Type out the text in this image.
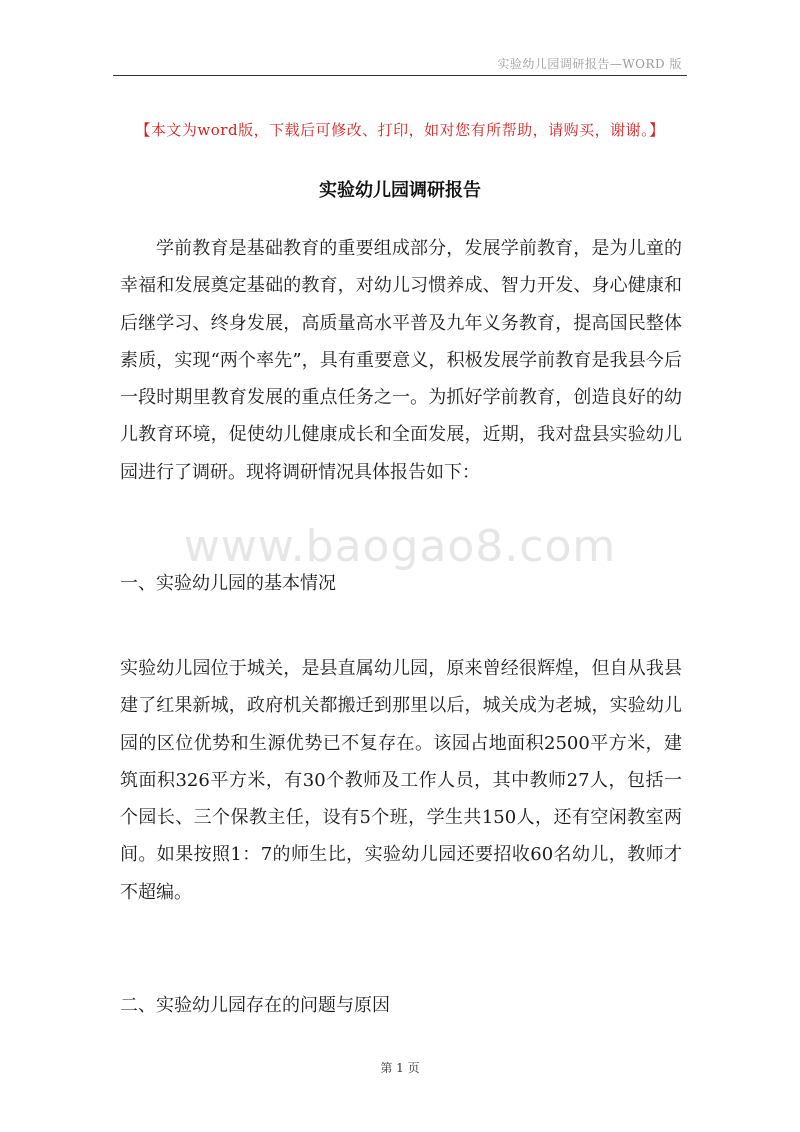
实验幼儿园调研报告—WORD 版
【本文为word版，下载后可修改、打印，如对您有所帮助，请购买，谢谢。】
实验幼儿园调研报告
学前教育是基础教育的重要组成部分，发展学前教育，是为儿童的幸福和发展奠定基础的教育，对幼儿习惯养成、智力开发、身心健康和后继学习、终身发展，高质量高水平普及九年义务教育，提高国民整体素质，实现“两个率先”，具有重要意义，积极发展学前教育是我县今后一段时期里教育发展的重点任务之一。为抓好学前教育，创造良好的幼儿教育环境，促使幼儿健康成长和全面发展，近期，我对盘县实验幼儿园进行了调研。现将调研情况具体报告如下：
www.baogao8.com
一、实验幼儿园的基本情况
实验幼儿园位于城关，是县直属幼儿园，原来曾经很辉煌，但自从我县建了红果新城，政府机关都搬迁到那里以后，城关成为老城，实验幼儿园的区位优势和生源优势已不复存在。该园占地面积2500平方米，建筑面积326平方米，有30个教师及工作人员，其中教师27人，包括一个园长、三个保教主任，设有5个班，学生共150人，还有空闲教室两间。如果按照1：7的师生比，实验幼儿园还要招收60名幼儿，教师才不超编。
二、实验幼儿园存在的问题与原因
第 1 页
